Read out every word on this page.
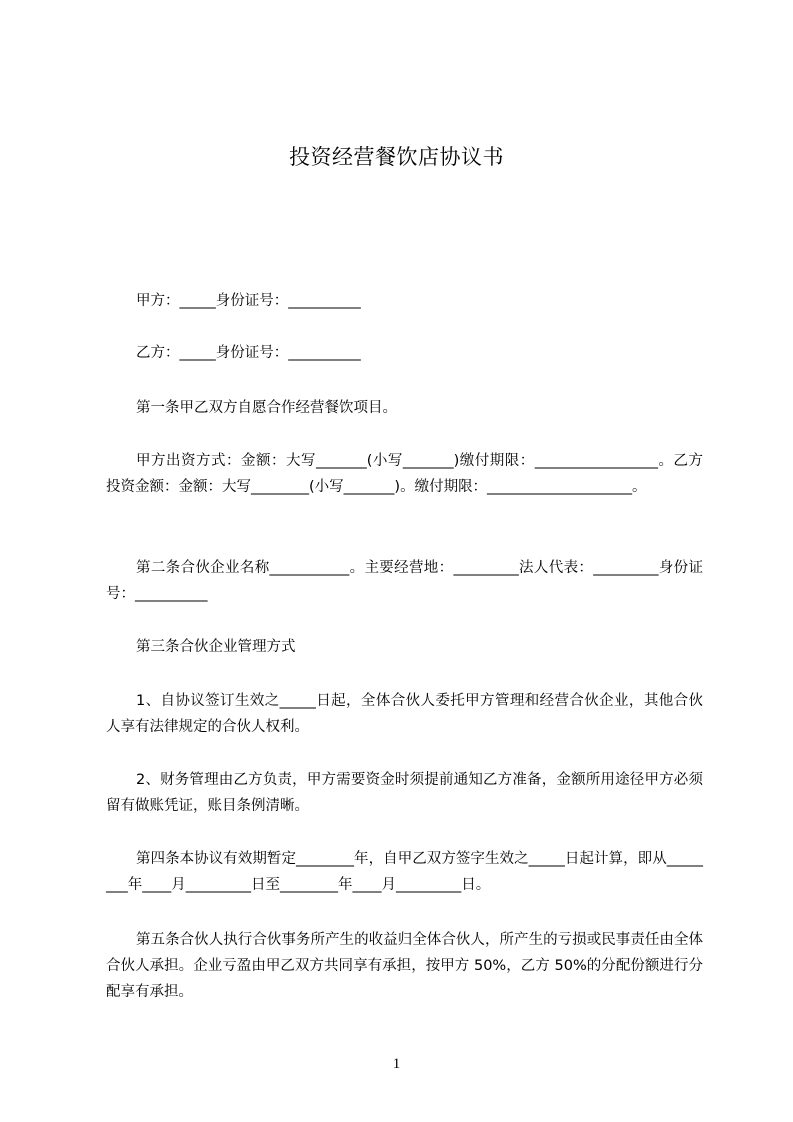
投资经营餐饮店协议书
甲方：_____身份证号：__________
乙方：_____身份证号：__________
第一条甲乙双方自愿合作经营餐饮项目。
甲方出资方式：金额：大写_______(小写_______)缴付期限：_________________。乙方投资金额：金额：大写________(小写_______)。缴付期限：____________________。
第二条合伙企业名称___________。主要经营地：_________法人代表：_________身份证号：__________
第三条合伙企业管理方式
1、自协议签订生效之_____日起，全体合伙人委托甲方管理和经营合伙企业，其他合伙人享有法律规定的合伙人权利。
2、财务管理由乙方负责，甲方需要资金时须提前通知乙方准备，金额所用途径甲方必须留有做账凭证，账目条例清晰。
第四条本协议有效期暂定________年，自甲乙双方签字生效之_____日起计算，即从________年____月_________日至________年____月_________日。
第五条合伙人执行合伙事务所产生的收益归全体合伙人，所产生的亏损或民事责任由全体合伙人承担。企业亏盈由甲乙双方共同享有承担，按甲方 50%，乙方 50%的分配份额进行分配享有承担。
1
